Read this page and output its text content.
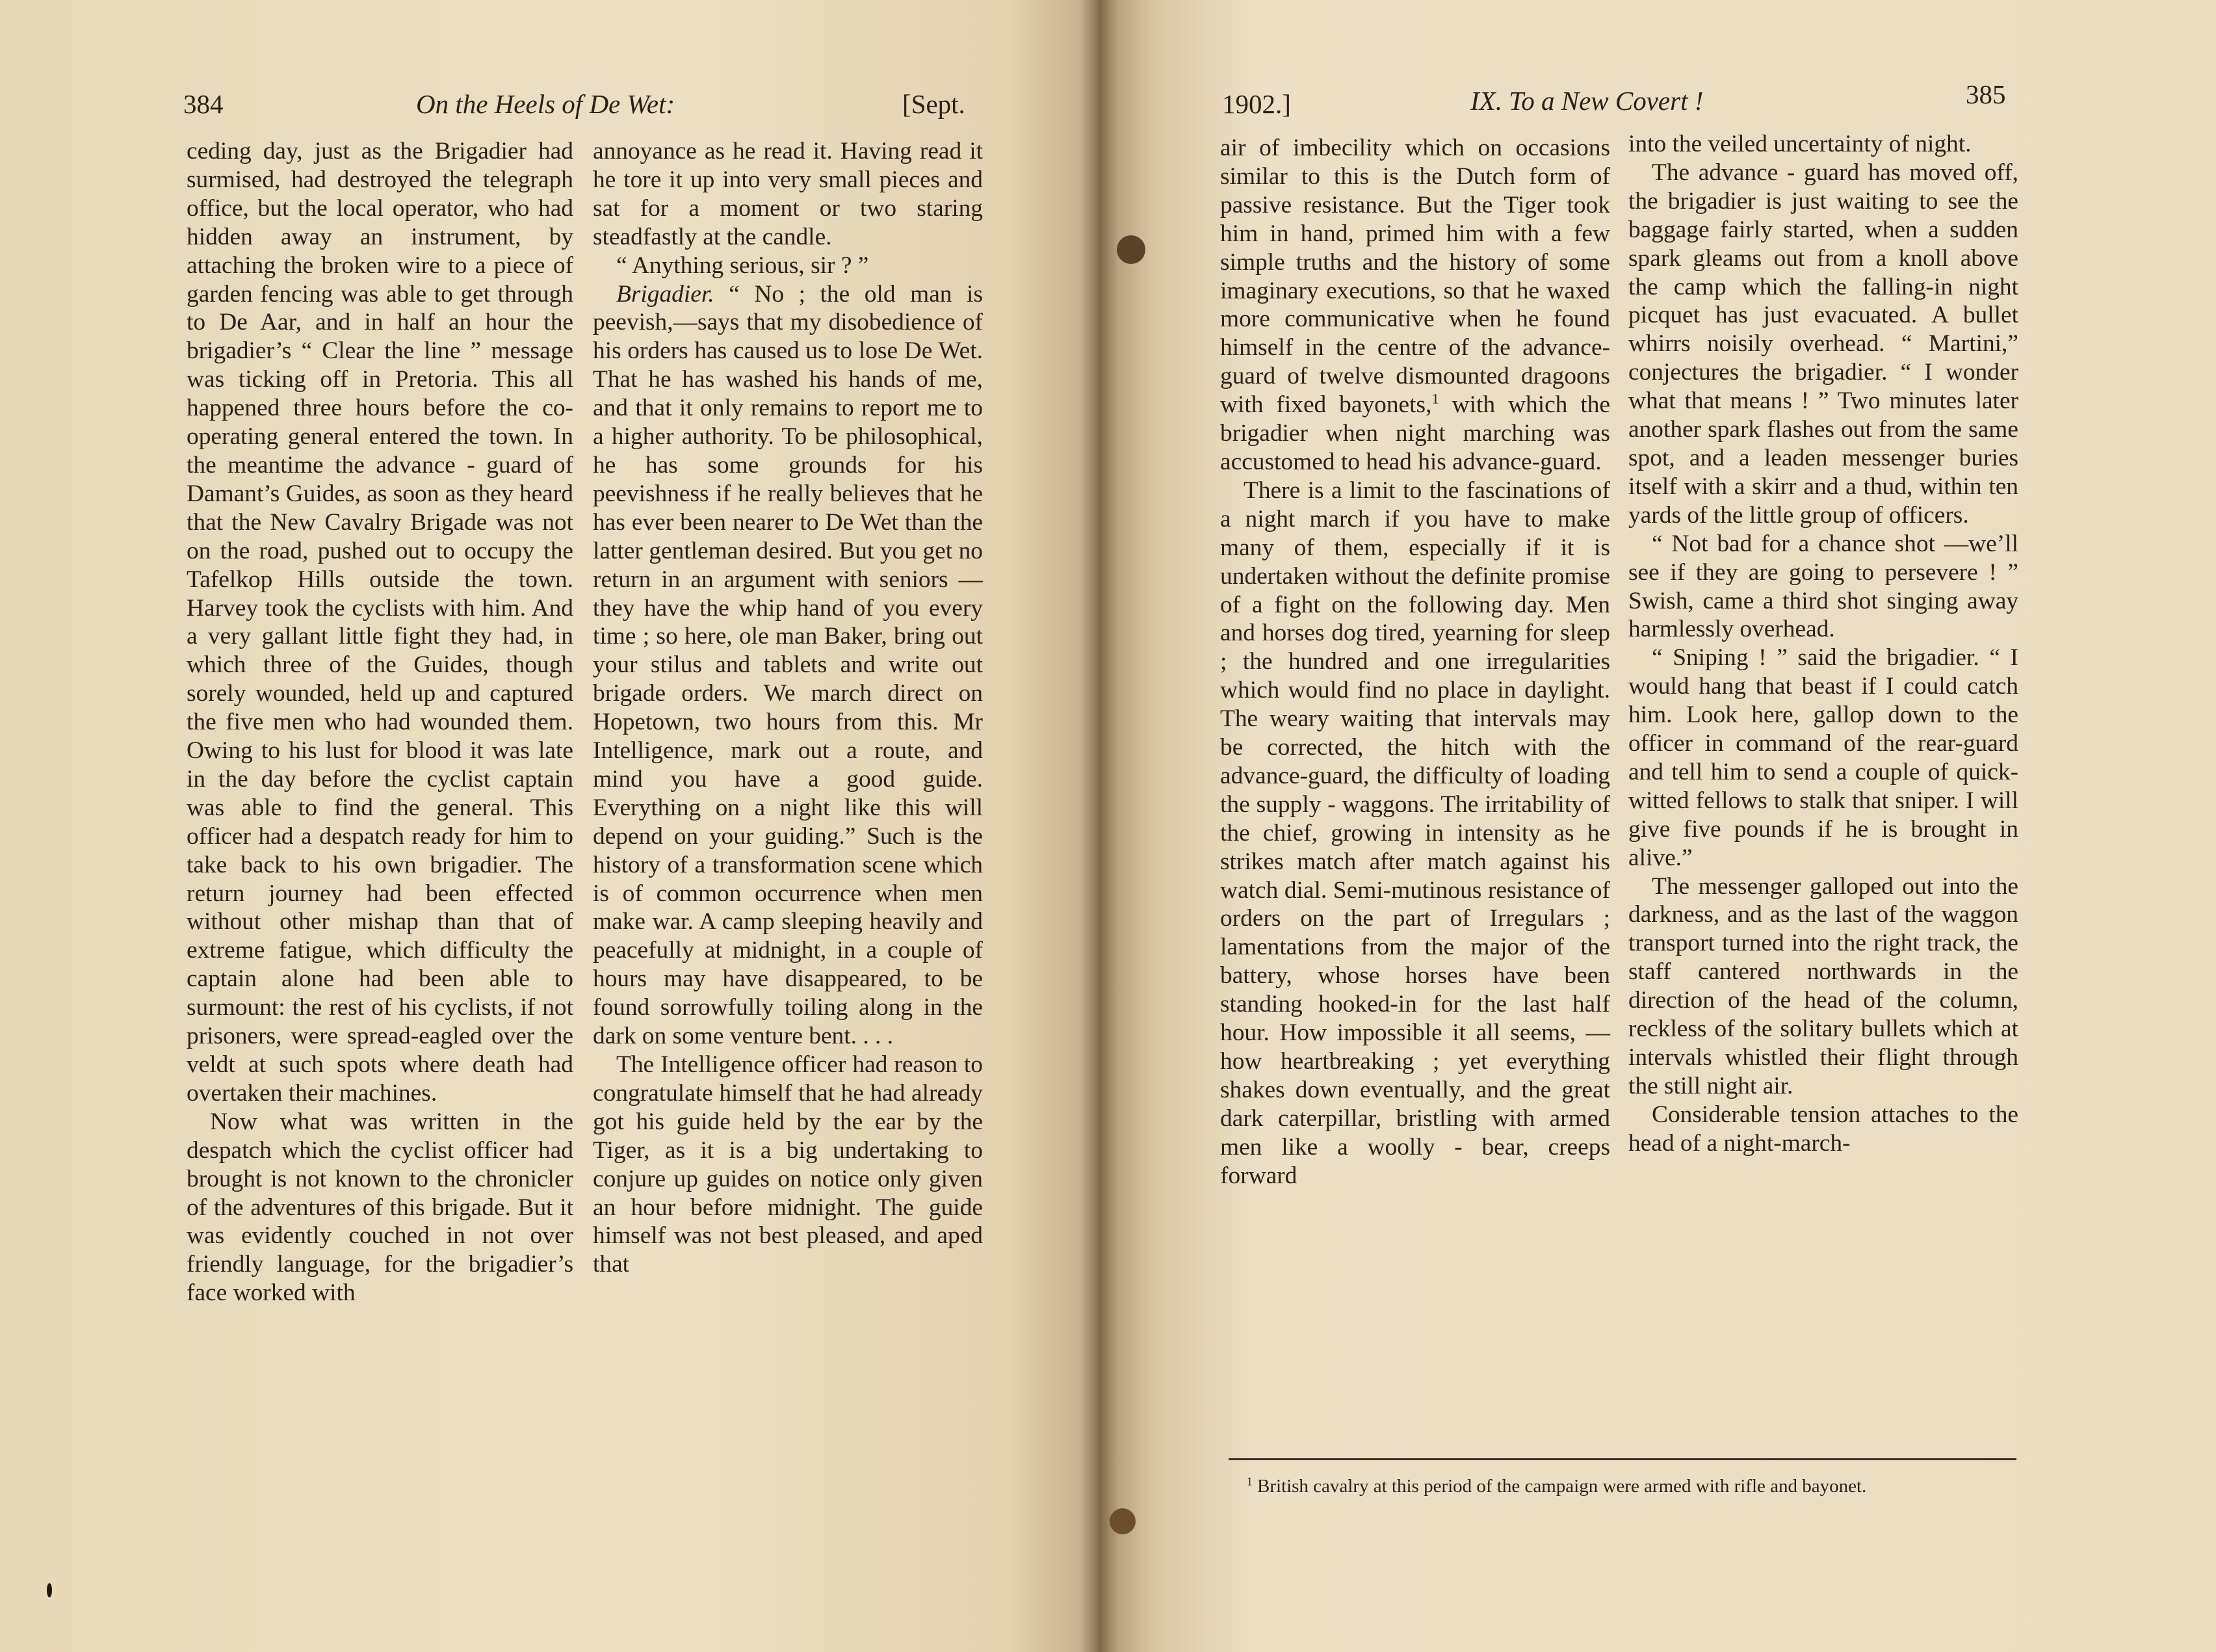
384	On the Heels of De Wet:	[Sept.

ceding day, just as the Brigadier had surmised, had destroyed the telegraph office, but the local operator, who had hidden away an instrument, by attaching the broken wire to a piece of garden fencing was able to get through to De Aar, and in half an hour the brigadier’s “ Clear the line ” message was ticking off in Pretoria. This all happened three hours before the co-operating general entered the town. In the meantime the advance - guard of Damant’s Guides, as soon as they heard that the New Cavalry Brigade was not on the road, pushed out to occupy the Tafelkop Hills outside the town. Harvey took the cyclists with him. And a very gallant little fight they had, in which three of the Guides, though sorely wounded, held up and captured the five men who had wounded them. Owing to his lust for blood it was late in the day before the cyclist captain was able to find the general. This officer had a despatch ready for him to take back to his own brigadier. The return journey had been effected without other mishap than that of extreme fatigue, which difficulty the captain alone had been able to surmount: the rest of his cyclists, if not prisoners, were spread-eagled over the veldt at such spots where death had overtaken their machines.

Now what was written in the despatch which the cyclist officer had brought is not known to the chronicler of the adventures of this brigade. But it was evidently couched in not over friendly language, for the brigadier’s face worked with

annoyance as he read it. Having read it he tore it up into very small pieces and sat for a moment or two staring steadfastly at the candle.

“ Anything serious, sir ? ”

Brigadier. “ No ; the old man is peevish,—says that my disobedience of his orders has caused us to lose De Wet. That he has washed his hands of me, and that it only remains to report me to a higher authority. To be philosophical, he has some grounds for his peevishness if he really believes that he has ever been nearer to De Wet than the latter gentleman desired. But you get no return in an argument with seniors — they have the whip hand of you every time ; so here, ole man Baker, bring out your stilus and tablets and write out brigade orders. We march direct on Hopetown, two hours from this. Mr Intelligence, mark out a route, and mind you have a good guide. Everything on a night like this will depend on your guiding.” Such is the history of a transformation scene which is of common occurrence when men make war. A camp sleeping heavily and peacefully at midnight, in a couple of hours may have disappeared, to be found sorrowfully toiling along in the dark on some venture bent. . . .

The Intelligence officer had reason to congratulate himself that he had already got his guide held by the ear by the Tiger, as it is a big undertaking to conjure up guides on notice only given an hour before midnight. The guide himself was not best pleased, and aped that

1902.]	IX. To a New Covert !	385

air of imbecility which on occasions similar to this is the Dutch form of passive resistance. But the Tiger took him in hand, primed him with a few simple truths and the history of some imaginary executions, so that he waxed more communicative when he found himself in the centre of the advance-guard of twelve dismounted dragoons with fixed bayonets,$^1$ with which the brigadier when night marching was accustomed to head his advance-guard.

There is a limit to the fascinations of a night march if you have to make many of them, especially if it is undertaken without the definite promise of a fight on the following day. Men and horses dog tired, yearning for sleep ; the hundred and one irregularities which would find no place in daylight. The weary waiting that intervals may be corrected, the hitch with the advance-guard, the difficulty of loading the supply - waggons. The irritability of the chief, growing in intensity as he strikes match after match against his watch dial. Semi-mutinous resistance of orders on the part of Irregulars ; lamentations from the major of the battery, whose horses have been standing hooked-in for the last half hour. How impossible it all seems, — how heartbreaking ; yet everything shakes down eventually, and the great dark caterpillar, bristling with armed men like a woolly - bear, creeps forward

into the veiled uncertainty of night.

The advance - guard has moved off, the brigadier is just waiting to see the baggage fairly started, when a sudden spark gleams out from a knoll above the camp which the falling-in night picquet has just evacuated. A bullet whirrs noisily overhead. “ Martini,” conjectures the brigadier. “ I wonder what that means ! ” Two minutes later another spark flashes out from the same spot, and a leaden messenger buries itself with a skirr and a thud, within ten yards of the little group of officers.

“ Not bad for a chance shot —we’ll see if they are going to persevere ! ” Swish, came a third shot singing away harmlessly overhead.

“ Sniping ! ” said the brigadier. “ I would hang that beast if I could catch him. Look here, gallop down to the officer in command of the rear-guard and tell him to send a couple of quick-witted fellows to stalk that sniper. I will give five pounds if he is brought in alive.”

The messenger galloped out into the darkness, and as the last of the waggon transport turned into the right track, the staff cantered northwards in the direction of the head of the column, reckless of the solitary bullets which at intervals whistled their flight through the still night air.

Considerable tension attaches to the head of a night-march-

$^1$ British cavalry at this period of the campaign were armed with rifle and bayonet.
